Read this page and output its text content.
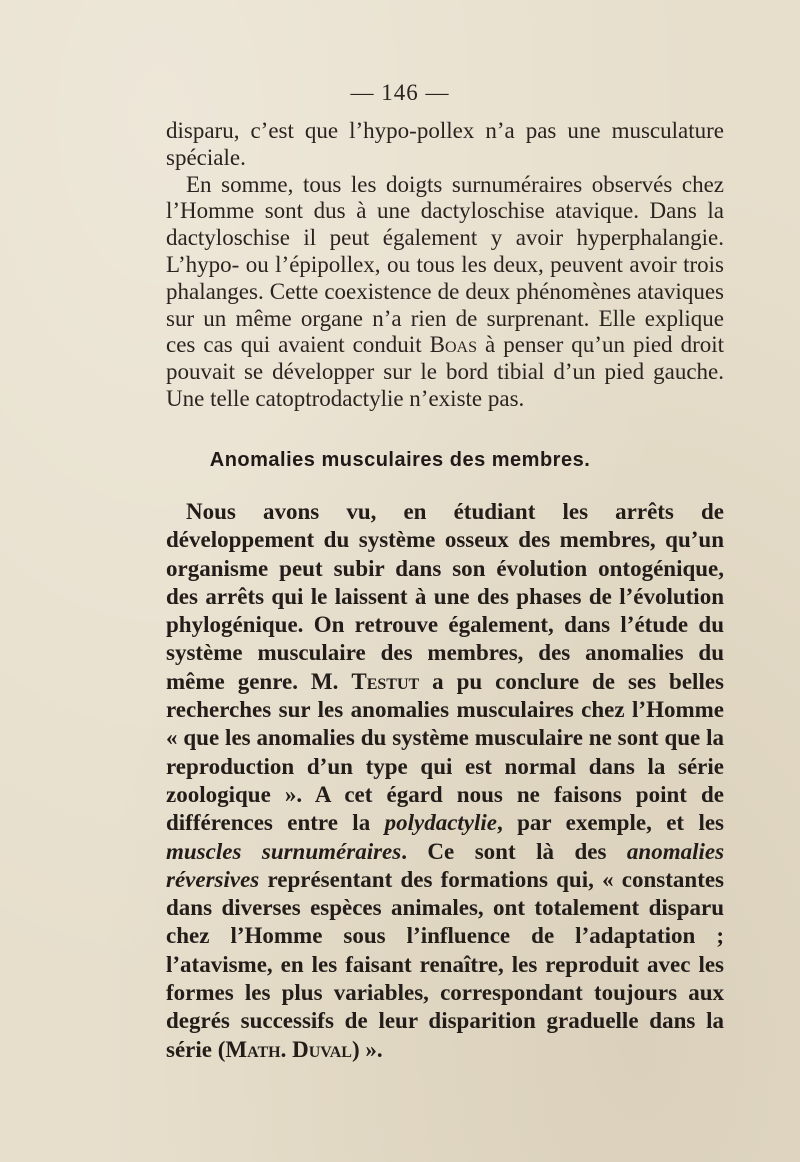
— 146 —

disparu, c’est que l’hypo-pollex n’a pas une musculature spéciale.

En somme, tous les doigts surnuméraires observés chez l’Homme sont dus à une dactyloschise atavique. Dans la dactyloschise il peut également y avoir hyperphalangie. L’hypo- ou l’épipollex, ou tous les deux, peuvent avoir trois phalanges. Cette coexistence de deux phénomènes ataviques sur un même organe n’a rien de surprenant. Elle explique ces cas qui avaient conduit Boas à penser qu’un pied droit pouvait se développer sur le bord tibial d’un pied gauche. Une telle catoptrodactylie n’existe pas.

Anomalies musculaires des membres.

Nous avons vu, en étudiant les arrêts de développement du système osseux des membres, qu’un organisme peut subir dans son évolution ontogénique, des arrêts qui le laissent à une des phases de l’évolution phylogénique. On retrouve également, dans l’étude du système musculaire des membres, des anomalies du même genre. M. Testut a pu conclure de ses belles recherches sur les anomalies musculaires chez l’Homme « que les anomalies du système musculaire ne sont que la reproduction d’un type qui est normal dans la série zoologique ». A cet égard nous ne faisons point de différences entre la polydactylie, par exemple, et les muscles surnuméraires. Ce sont là des anomalies réversives représentant des formations qui, « constantes dans diverses espèces animales, ont totalement disparu chez l’Homme sous l’influence de l’adaptation ; l’atavisme, en les faisant renaître, les reproduit avec les formes les plus variables, correspondant toujours aux degrés successifs de leur disparition graduelle dans la série (Math. Duval) ».
